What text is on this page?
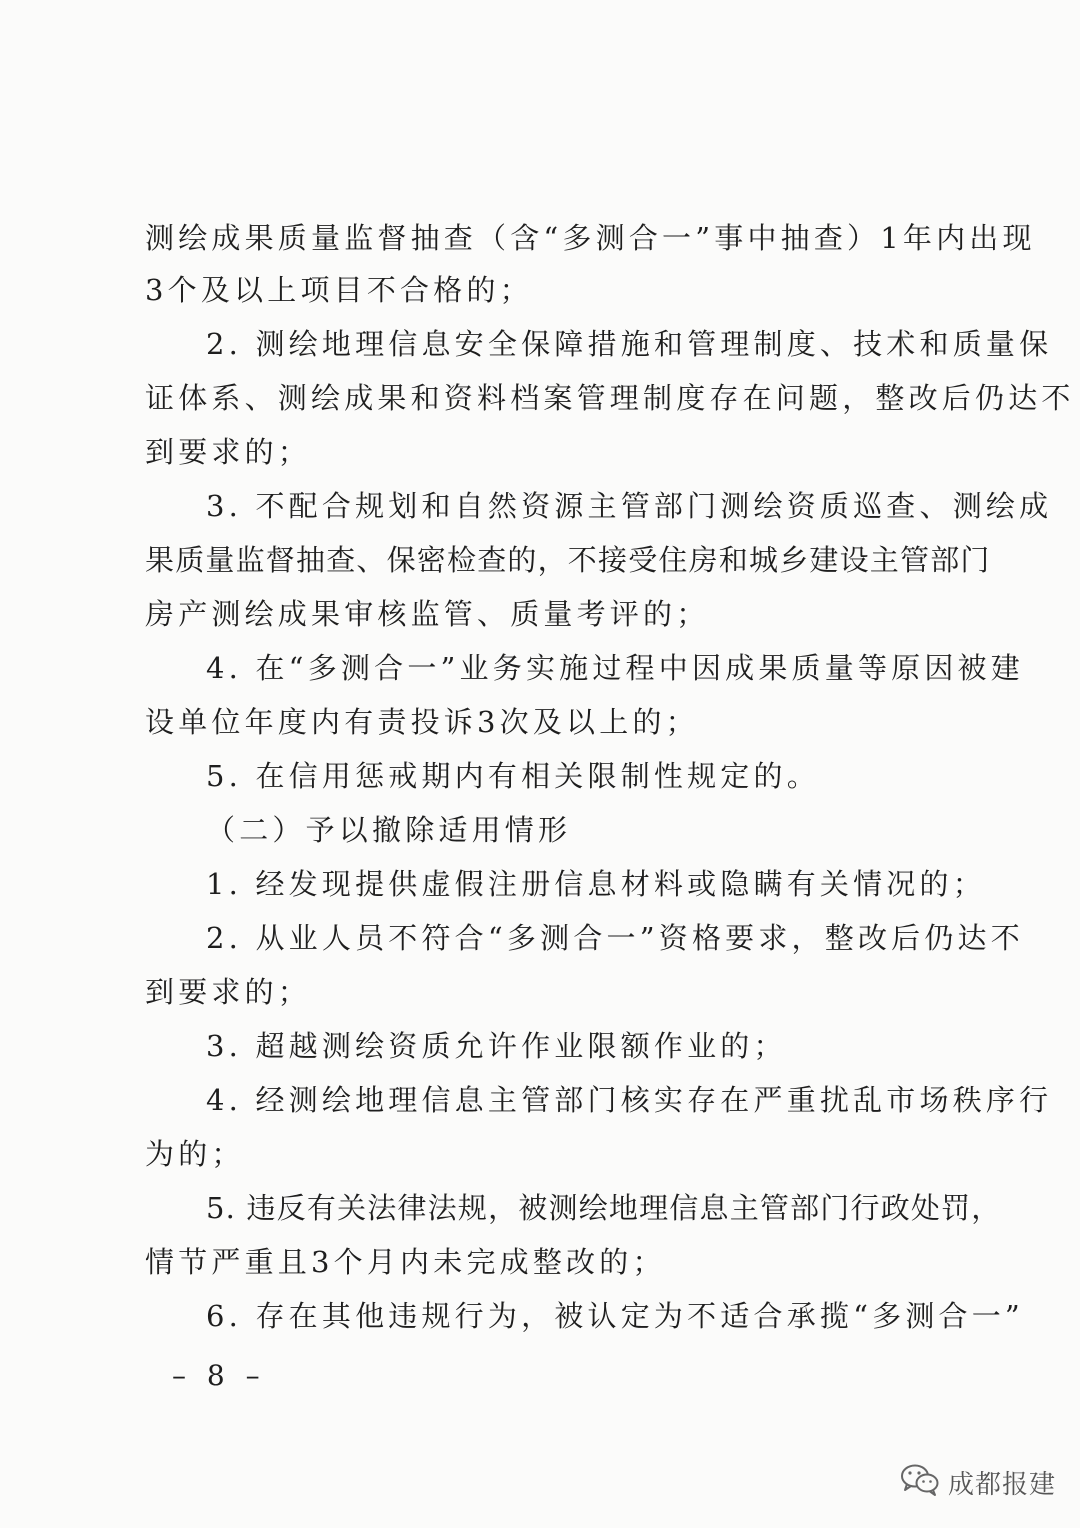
测绘成果质量监督抽查（含“多测合一”事中抽查）1年内出现
3个及以上项目不合格的；
2. 测绘地理信息安全保障措施和管理制度、技术和质量保
证体系、测绘成果和资料档案管理制度存在问题，整改后仍达不
到要求的；
3. 不配合规划和自然资源主管部门测绘资质巡查、测绘成
果质量监督抽查、保密检查的，不接受住房和城乡建设主管部门
房产测绘成果审核监管、质量考评的；
4. 在“多测合一”业务实施过程中因成果质量等原因被建
设单位年度内有责投诉3次及以上的；
5. 在信用惩戒期内有相关限制性规定的。
（二）予以撤除适用情形
1. 经发现提供虚假注册信息材料或隐瞒有关情况的；
2. 从业人员不符合“多测合一”资格要求，整改后仍达不
到要求的；
3. 超越测绘资质允许作业限额作业的；
4. 经测绘地理信息主管部门核实存在严重扰乱市场秩序行
为的；
5. 违反有关法律法规，被测绘地理信息主管部门行政处罚，
情节严重且3个月内未完成整改的；
6. 存在其他违规行为，被认定为不适合承揽“多测合一”
– 8 –
成都报建
